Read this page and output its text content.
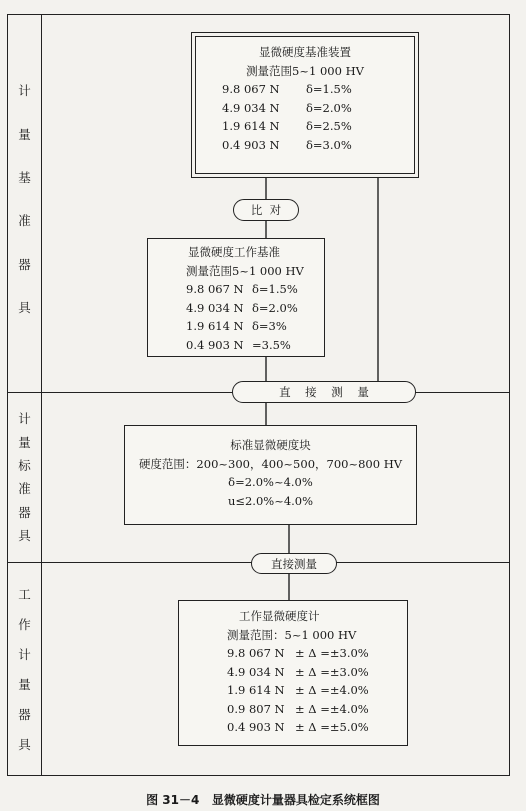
计
量
基
准
器
具
计
量
标
准
器
具
工
作
计
量
器
具
显微硬度基准装置
测量范围5~1 000 HV
9.8 067 N δ=1.5%
4.9 034 N δ=2.0%
1.9 614 N δ=2.5%
0.4 903 N δ=3.0%
比  对
显微硬度工作基准
测量范围5~1 000 HV
9.8 067 N δ=1.5%
4.9 034 N δ=2.0%
1.9 614 N δ=3%
0.4 903 N =3.5%
直    接    测    量
标准显微硬度块
硬度范围：200~300，400~500，700~800 HV
δ=2.0%~4.0%
u≤2.0%~4.0%
直接测量
工作显微硬度计
测量范围：5~1 000 HV
9.8 067 N ± Δ =±3.0%
4.9 034 N ± Δ =±3.0%
1.9 614 N ± Δ =±4.0%
0.9 807 N ± Δ =±4.0%
0.4 903 N ± Δ =±5.0%
图 31－4   显微硬度计量器具检定系统框图
